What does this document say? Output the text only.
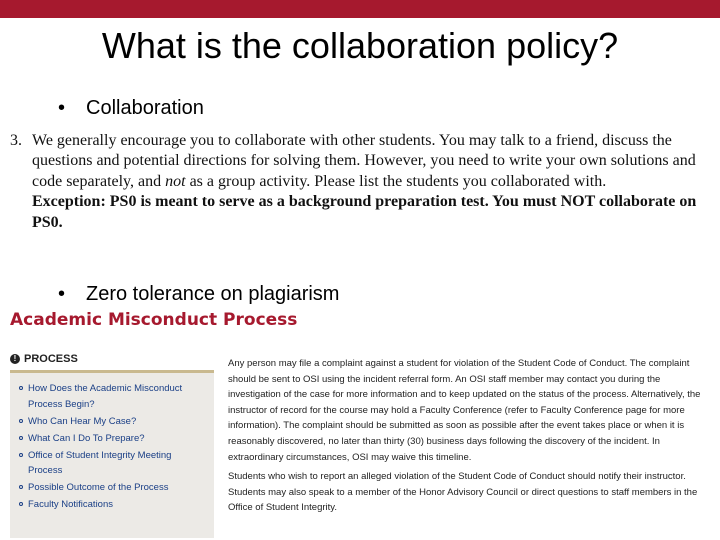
What is the collaboration policy?
• Collaboration
3. We generally encourage you to collaborate with other students. You may talk to a friend, discuss the questions and potential directions for solving them. However, you need to write your own solutions and code separately, and not as a group activity. Please list the students you collaborated with.
Exception: PS0 is meant to serve as a background preparation test. You must NOT collaborate on PS0.
• Zero tolerance on plagiarism
Academic Misconduct Process
! PROCESS
How Does the Academic Misconduct Process Begin?
Who Can Hear My Case?
What Can I Do To Prepare?
Office of Student Integrity Meeting Process
Possible Outcome of the Process
Faculty Notifications

Any person may file a complaint against a student for violation of the Student Code of Conduct. The complaint should be sent to OSI using the incident referral form. An OSI staff member may contact you during the investigation of the case for more information and to keep updated on the status of the process. Alternatively, the instructor of record for the course may hold a Faculty Conference (refer to Faculty Conference page for more information). The complaint should be submitted as soon as possible after the event takes place or when it is reasonably discovered, no later than thirty (30) business days following the discovery of the incident. In extraordinary circumstances, OSI may waive this timeline.

Students who wish to report an alleged violation of the Student Code of Conduct should notify their instructor. Students may also speak to a member of the Honor Advisory Council or direct questions to staff members in the Office of Student Integrity.
